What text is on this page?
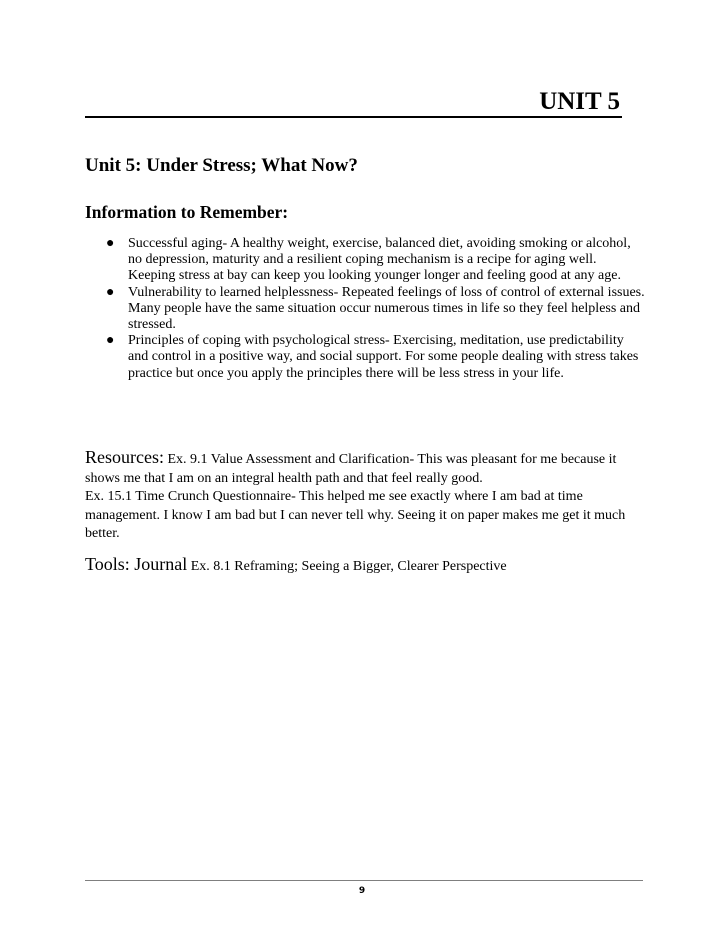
UNIT 5
Unit 5: Under Stress; What Now?
Information to Remember:
● Successful aging- A healthy weight, exercise, balanced diet, avoiding smoking or alcohol, no depression, maturity and a resilient coping mechanism is a recipe for aging well. Keeping stress at bay can keep you looking younger longer and feeling good at any age.
● Vulnerability to learned helplessness- Repeated feelings of loss of control of external issues. Many people have the same situation occur numerous times in life so they feel helpless and stressed.
● Principles of coping with psychological stress- Exercising, meditation, use predictability and control in a positive way, and social support. For some people dealing with stress takes practice but once you apply the principles there will be less stress in your life.

Resources: Ex. 9.1 Value Assessment and Clarification- This was pleasant for me because it shows me that I am on an integral health path and that feel really good.
Ex. 15.1 Time Crunch Questionnaire- This helped me see exactly where I am bad at time management. I know I am bad but I can never tell why. Seeing it on paper makes me get it much better.

Tools: Journal Ex. 8.1 Reframing; Seeing a Bigger, Clearer Perspective

9
